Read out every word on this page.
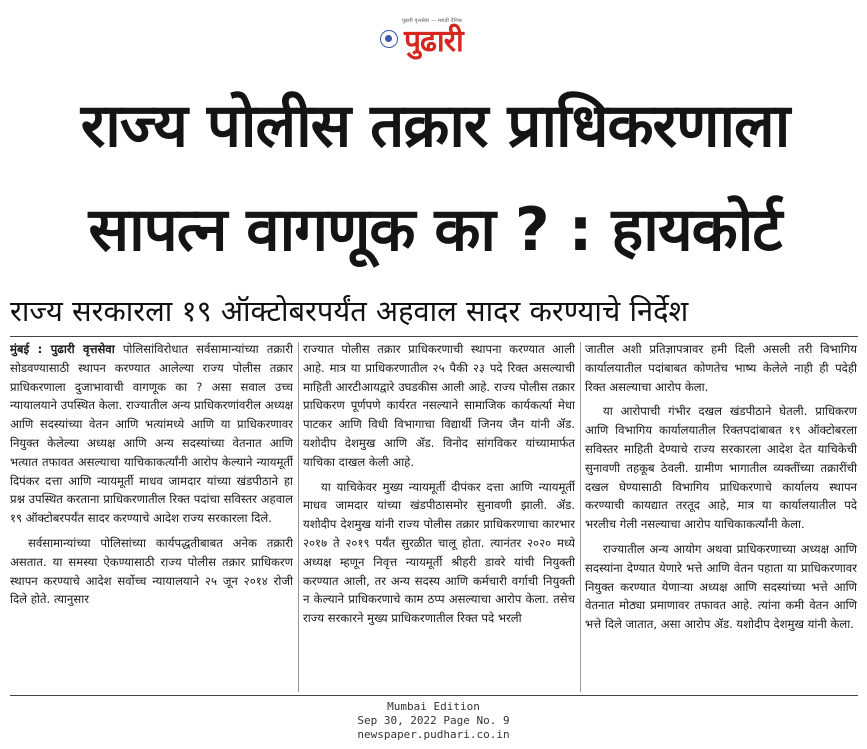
पुढारी वृत्तसेवा — मराठी दैनिक
पुढारी
राज्य पोलीस तक्रार प्राधिकरणाला
सापत्न वागणूक का ? : हायकोर्ट
राज्य सरकारला १९ ऑक्टोबरपर्यंत अहवाल सादर करण्याचे निर्देश

मुंबई : पुढारी वृत्तसेवा पोलिसांविरोधात सर्वसामान्यांच्या तक्रारी सोडवण्यासाठी स्थापन करण्यात आलेल्या राज्य पोलीस तक्रार प्राधिकरणाला दुजाभावाची वागणूक का ? असा सवाल उच्च न्यायालयाने उपस्थित केला. राज्यातील अन्य प्राधिकरणांवरील अध्यक्ष आणि सदस्यांच्या वेतन आणि भत्यांमध्ये आणि या प्राधिकरणावर नियुक्त केलेल्या अध्यक्ष आणि अन्य सदस्यांच्या वेतनात आणि भत्यात तफावत असल्याचा याचिकाकर्त्यांनी आरोप केल्याने न्यायमूर्ती दिपंकर दत्ता आणि न्यायमूर्ती माधव जामदार यांच्या खंडपीठाने हा प्रश्न उपस्थित करताना प्राधिकरणातील रिक्त पदांचा सविस्तर अहवाल १९ ऑक्टोबरपर्यंत सादर करण्याचे आदेश राज्य सरकारला दिले.

सर्वसामान्यांच्या पोलिसांच्या कार्यपद्धतीबाबत अनेक तक्रारी असतात. या समस्या ऐकण्यासाठी राज्य पोलीस तक्रार प्राधिकरण स्थापन करण्याचे आदेश सर्वोच्च न्यायालयाने २५ जून २०१४ रोजी दिले होते. त्यानुसार

राज्यात पोलीस तक्रार प्राधिकरणाची स्थापना करण्यात आली आहे. मात्र या प्राधिकरणातील २५ पैकी २३ पदे रिक्त असल्याची माहिती आरटीआयद्वारे उघडकीस आली आहे. राज्य पोलीस तक्रार प्राधिकरण पूर्णपणे कार्यरत नसल्याने सामाजिक कार्यकर्त्या मेधा पाटकर आणि विधी विभागाचा विद्यार्थी जिनय जैन यांनी ॲड. यशोदीप देशमुख आणि ॲड. विनोद सांगविकर यांच्यामार्फत याचिका दाखल केली आहे.

या याचिकेवर मुख्य न्यायमूर्ती दीपंकर दत्ता आणि न्यायमूर्ती माधव जामदार यांच्या खंडपीठासमोर सुनावणी झाली. ॲड. यशोदीप देशमुख यांनी राज्य पोलीस तक्रार प्राधिकरणाचा कारभार २०१७ ते २०१९ पर्यंत सुरळीत चालू होता. त्यानंतर २०२० मध्ये अध्यक्ष म्हणून निवृत्त न्यायमूर्ती श्रीहरी डावरे यांची नियुक्ती करण्यात आली, तर अन्य सदस्य आणि कर्मचारी वर्गाची नियुक्ती न केल्याने प्राधिकरणाचे काम ठप्प असल्याचा आरोप केला. तसेच राज्य सरकारने मुख्य प्राधिकरणातील रिक्त पदे भरली

जातील अशी प्रतिज्ञापत्रावर हमी दिली असली तरी विभागिय कार्यालयातील पदांबाबत कोणतेच भाष्य केलेले नाही ही पदेही रिक्त असल्याचा आरोप केला.

या आरोपाची गंभीर दखल खंडपीठाने घेतली. प्राधिकरण आणि विभागिय कार्यालयातील रिक्तपदांबाबत १९ ऑक्टोबरला सविस्तर माहिती देण्याचे राज्य सरकारला आदेश देत याचिकेची सुनावणी तहकूब ठेवली. ग्रामीण भागातील व्यक्तींच्या तक्रारींची दखल घेण्यासाठी विभागिय प्राधिकरणाचे कार्यालय स्थापन करण्याची कायद्यात तरतूद आहे, मात्र या कार्यालयातील पदे भरलीच गेली नसल्याचा आरोप याचिकाकर्त्यांनी केला.

राज्यातील अन्य आयोग अथवा प्राधिकरणाच्या अध्यक्ष आणि सदस्यांना देण्यात येणारे भत्ते आणि वेतन पहाता या प्राधिकरणावर नियुक्त करण्यात येणाऱ्या अध्यक्ष आणि सदस्यांच्या भत्ते आणि वेतनात मोठ्या प्रमाणावर तफावत आहे. त्यांना कमी वेतन आणि भत्ते दिले जातात, असा आरोप ॲड. यशोदीप देशमुख यांनी केला.

Mumbai Edition
Sep 30, 2022 Page No. 9
newspaper.pudhari.co.in
